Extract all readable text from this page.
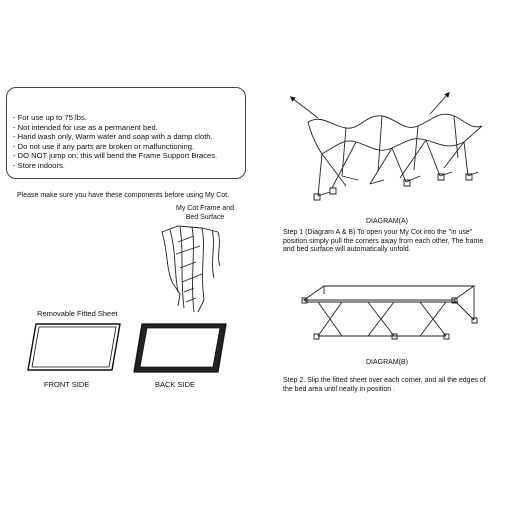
- For use up to 75 lbs.
- Not intended for use as a permanent bed.
- Hand wash only, Warm water and soap with a damp cloth.
- Do not use if any parts are broken or malfunctioning.
- DO NOT jump on; this will bend the Frame Support Braces.
- Store indoors.
Please make sure you have these components before using My Cot.
My Cot Frame and
Bed Surface
Removable Fitted Sheet
FRONT SIDE	BACK SIDE
DIAGRAM(A)
Step 1 (Diagram A & B) To open your My Cot into the "in use"
position simply pull the corners away from each other, The frame
and bed surface will automatically unfold.
DIAGRAM(B)
Step 2. Slip the fitted sheet over each corner, and all the edges of
the bed area until neatly in position .
